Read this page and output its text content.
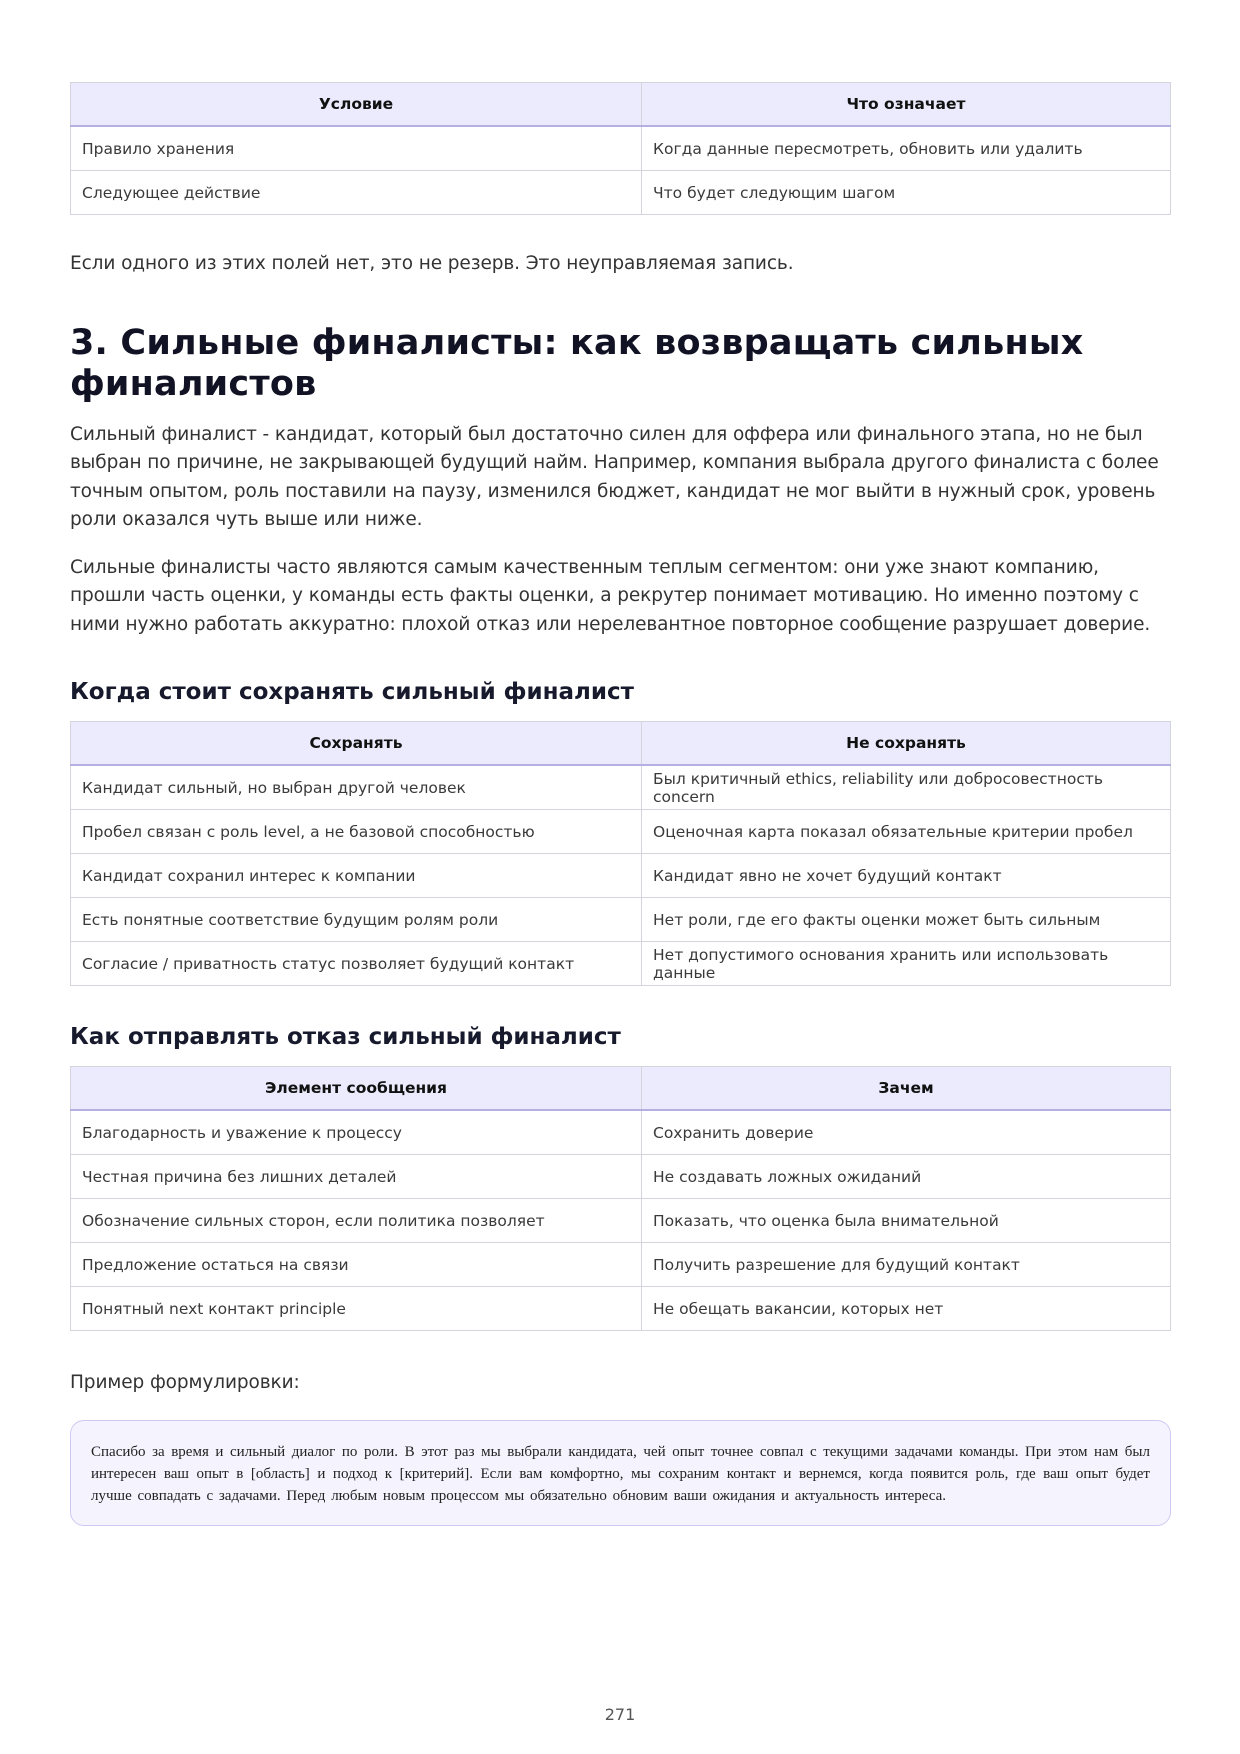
Условие	Что означает
Правило хранения	Когда данные пересмотреть, обновить или удалить
Следующее действие	Что будет следующим шагом

Если одного из этих полей нет, это не резерв. Это неуправляемая запись.

3. Сильные финалисты: как возвращать сильных финалистов

Сильный финалист - кандидат, который был достаточно силен для оффера или финального этапа, но не был выбран по причине, не закрывающей будущий найм. Например, компания выбрала другого финалиста с более точным опытом, роль поставили на паузу, изменился бюджет, кандидат не мог выйти в нужный срок, уровень роли оказался чуть выше или ниже.

Сильные финалисты часто являются самым качественным теплым сегментом: они уже знают компанию, прошли часть оценки, у команды есть факты оценки, а рекрутер понимает мотивацию. Но именно поэтому с ними нужно работать аккуратно: плохой отказ или нерелевантное повторное сообщение разрушает доверие.

Когда стоит сохранять сильный финалист
Сохранять	Не сохранять
Кандидат сильный, но выбран другой человек	Был критичный ethics, reliability или добросовестность concern
Пробел связан с роль level, а не базовой способностью	Оценочная карта показал обязательные критерии пробел
Кандидат сохранил интерес к компании	Кандидат явно не хочет будущий контакт
Есть понятные соответствие будущим ролям роли	Нет роли, где его факты оценки может быть сильным
Согласие / приватность статус позволяет будущий контакт	Нет допустимого основания хранить или использовать данные
Как отправлять отказ сильный финалист
Элемент сообщения	Зачем
Благодарность и уважение к процессу	Сохранить доверие
Честная причина без лишних деталей	Не создавать ложных ожиданий
Обозначение сильных сторон, если политика позволяет	Показать, что оценка была внимательной
Предложение остаться на связи	Получить разрешение для будущий контакт
Понятный next контакт principle	Не обещать вакансии, которых нет

Пример формулировки:

Спасибо за время и сильный диалог по роли. В этот раз мы выбрали кандидата, чей опыт точнее совпал с текущими задачами команды. При этом нам был интересен ваш опыт в [область] и подход к [критерий]. Если вам комфортно, мы сохраним контакт и вернемся, когда появится роль, где ваш опыт будет лучше совпадать с задачами. Перед любым новым процессом мы обязательно обновим ваши ожидания и актуальность интереса.
271
